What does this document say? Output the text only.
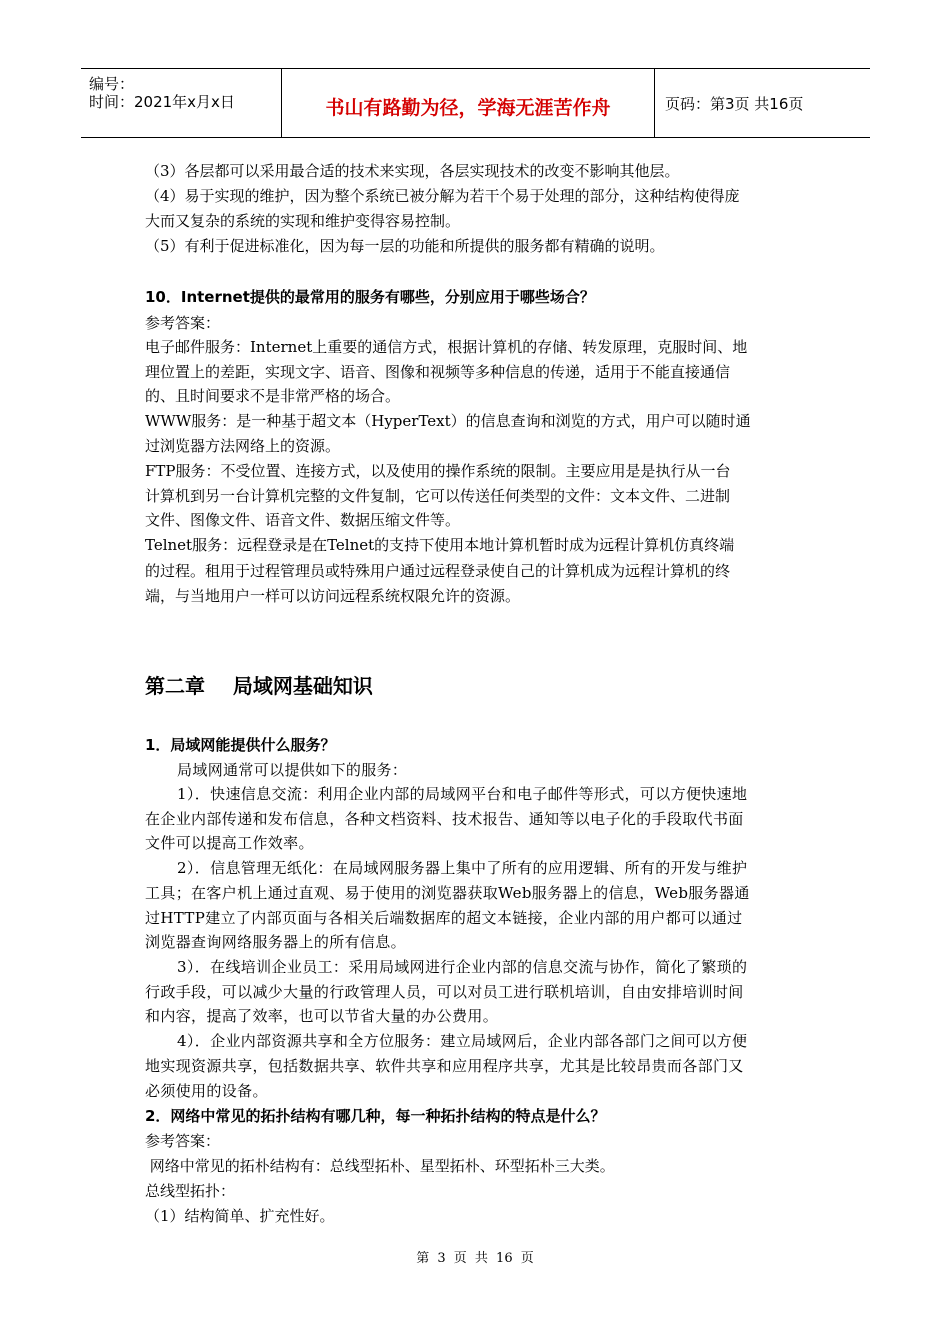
编号：
时间：2021年x月x日	书山有路勤为径，学海无涯苦作舟	页码：第3页 共16页
（3）各层都可以采用最合适的技术来实现，各层实现技术的改变不影响其他层。
（4）易于实现的维护，因为整个系统已被分解为若干个易于处理的部分，这种结构使得庞
大而又复杂的系统的实现和维护变得容易控制。
（5）有利于促进标准化，因为每一层的功能和所提供的服务都有精确的说明。
10．Internet提供的最常用的服务有哪些，分别应用于哪些场合？
参考答案：
电子邮件服务：Internet上重要的通信方式，根据计算机的存储、转发原理，克服时间、地
理位置上的差距，实现文字、语音、图像和视频等多种信息的传递，适用于不能直接通信
的、且时间要求不是非常严格的场合。
WWW服务：是一种基于超文本（HyperText）的信息查询和浏览的方式，用户可以随时通
过浏览器方法网络上的资源。
FTP服务：不受位置、连接方式，以及使用的操作系统的限制。主要应用是是执行从一台
计算机到另一台计算机完整的文件复制，它可以传送任何类型的文件：文本文件、二进制
文件、图像文件、语音文件、数据压缩文件等。
Telnet服务：远程登录是在Telnet的支持下使用本地计算机暂时成为远程计算机仿真终端
的过程。租用于过程管理员或特殊用户通过远程登录使自己的计算机成为远程计算机的终
端，与当地用户一样可以访问远程系统权限允许的资源。
第二章    局域网基础知识
1．局域网能提供什么服务？
局域网通常可以提供如下的服务：
1）．快速信息交流：利用企业内部的局域网平台和电子邮件等形式，可以方便快速地
在企业内部传递和发布信息，各种文档资料、技术报告、通知等以电子化的手段取代书面
文件可以提高工作效率。
2）．信息管理无纸化：在局域网服务器上集中了所有的应用逻辑、所有的开发与维护
工具；在客户机上通过直观、易于使用的浏览器获取Web服务器上的信息，Web服务器通
过HTTP建立了内部页面与各相关后端数据库的超文本链接，企业内部的用户都可以通过
浏览器查询网络服务器上的所有信息。
3）．在线培训企业员工：采用局域网进行企业内部的信息交流与协作，简化了繁琐的
行政手段，可以减少大量的行政管理人员，可以对员工进行联机培训，自由安排培训时间
和内容，提高了效率，也可以节省大量的办公费用。
4）．企业内部资源共享和全方位服务：建立局域网后，企业内部各部门之间可以方便
地实现资源共享，包括数据共享、软件共享和应用程序共享，尤其是比较昂贵而各部门又
必须使用的设备。
2．网络中常见的拓扑结构有哪几种，每一种拓扑结构的特点是什么？
参考答案：
网络中常见的拓朴结构有：总线型拓朴、星型拓朴、环型拓朴三大类。
总线型拓扑：
（1）结构简单、扩充性好。
第 3 页 共 16 页
